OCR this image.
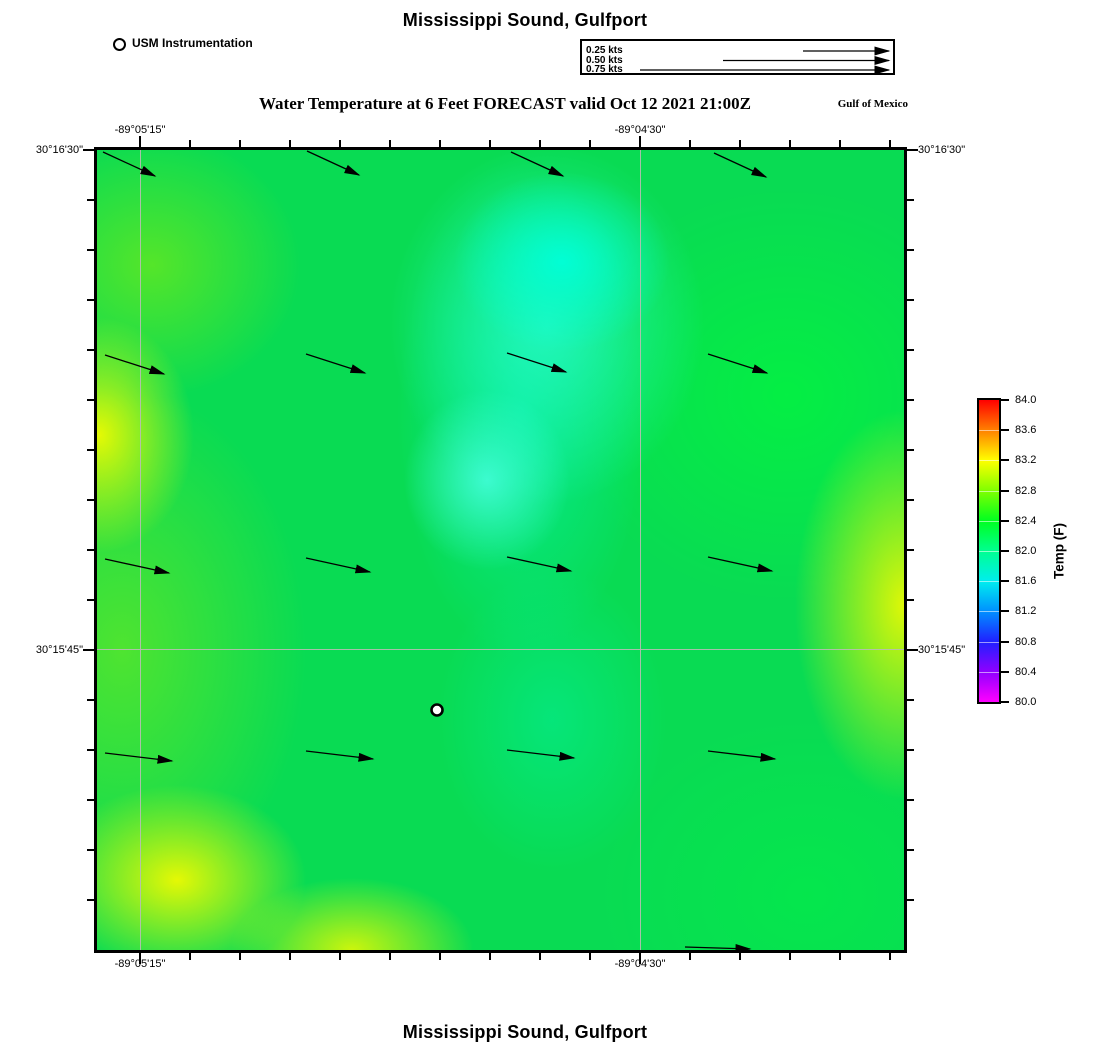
Mississippi Sound, Gulfport
USM Instrumentation
0.25 kts
0.50 kts
0.75 kts
Water Temperature at 6 Feet FORECAST valid Oct 12 2021 21:00Z	Gulf of Mexico
-89°05'15"
-89°05'15"
-89°04'30"
-89°04'30"
30°16'30"	30°16'30"
30°15'45"	30°15'45"
Temp (F)
84.0
83.6
83.2
82.8
82.4
82.0
81.6
81.2
80.8
80.4
80.0
Mississippi Sound, Gulfport
